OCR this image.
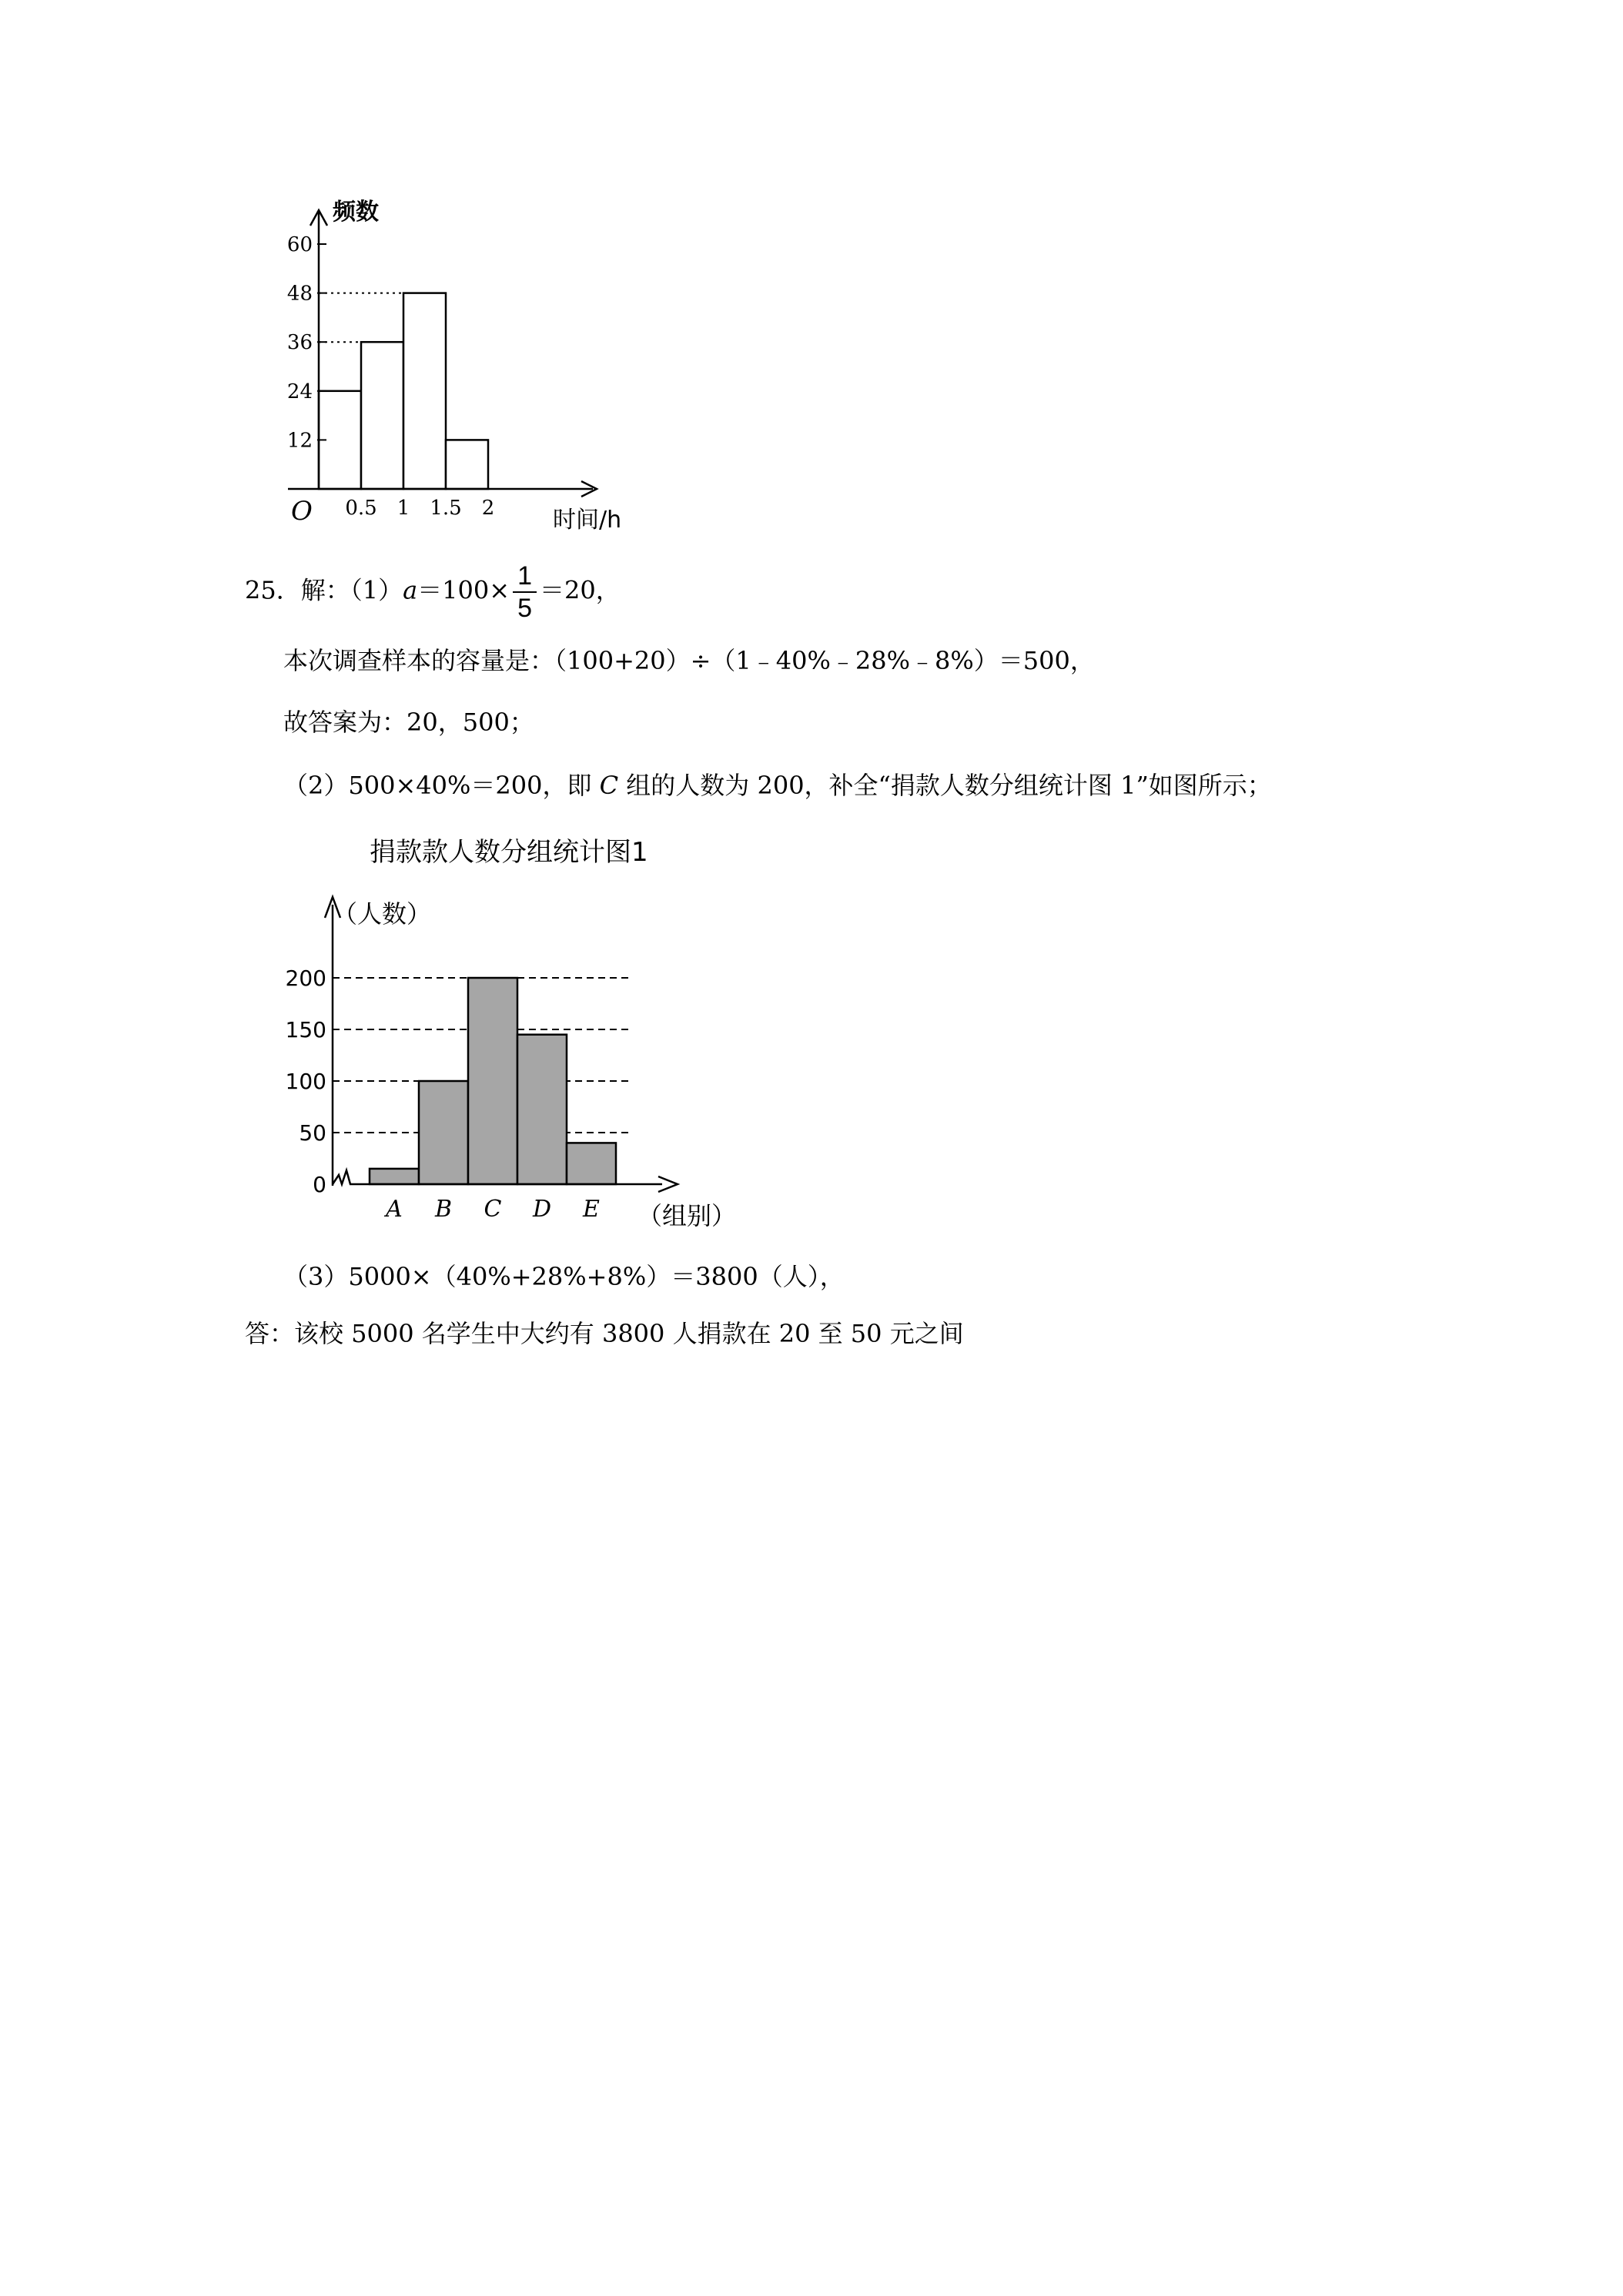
12
24
36
48
60
0.5 1 1.5 2
频数
时间/h
O
25．解：$(1)a=100\times \frac{1}{5} =20$，
本次调查样本的容量是：（100+20）÷（1﹣40%﹣28%﹣8%）＝500，
故答案为：20，500；
（2）500×40%＝200，即 C 组的人数为 200，补全“捐款人数分组统计图 1”如图所示；
捐款款人数分组统计图1
（人数）
0
50
100
150
200
A B C D E （组别）
（3）5000×（40%+28%+8%）＝3800（人），
答：该校 5000 名学生中大约有 3800 人捐款在 20 至 50 元之间
